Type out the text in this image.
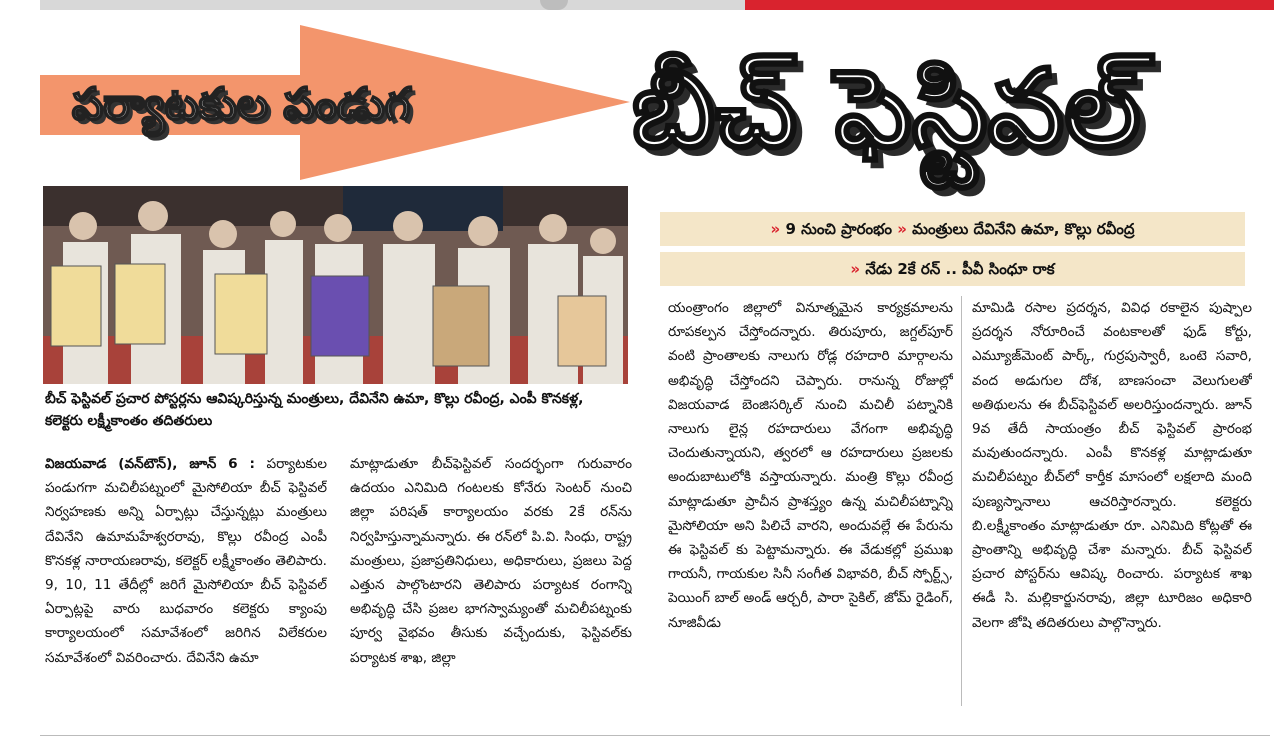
పర్యాటకుల పండుగ	బీచ్ ఫెస్టివల్
బీచ్ ఫెస్టివల్ ప్రచార పోస్టర్లను ఆవిష్కరిస్తున్న మంత్రులు, దేవినేని ఉమా, కొల్లు రవీంద్ర, ఎంపీ కొనకళ్ల, కలెక్టరు లక్ష్మీకాంతం తదితరులు
» 9 నుంచి ప్రారంభం » మంత్రులు దేవినేని ఉమా, కొల్లు రవీంద్ర
» నేడు 2కే రన్ .. పీవీ సింధూ రాక
విజయవాడ (వన్‌టౌన్), జూన్ 6 : పర్యాటకుల పండుగగా మచిలీపట్నంలో మైసోలియా బీచ్ ఫెస్టివల్ నిర్వహణకు అన్ని ఏర్పాట్లు చేస్తున్నట్లు మంత్రులు దేవినేని ఉమామహేశ్వరరావు, కొల్లు రవీంద్ర ఎంపీ కొనకళ్ల నారాయణరావు, కలెక్టర్ లక్ష్మీకాంతం తెలిపారు. 9, 10, 11 తేదీల్లో జరిగే మైసోలియా బీచ్ ఫెస్టివల్ ఏర్పాట్లపై వారు బుధవారం కలెక్టరు క్యాంపు కార్యాలయంలో సమావేశంలో జరిగిన విలేకరుల సమావేశంలో వివరించారు. దేవినేని ఉమా
మాట్లాడుతూ బీచ్‌ఫెస్టివల్ సందర్భంగా గురువారం ఉదయం ఎనిమిది గంటలకు కోనేరు సెంటర్ నుంచి జిల్లా పరిషత్ కార్యాలయం వరకు 2కే రన్‌ను నిర్వహిస్తున్నామన్నారు. ఈ రన్‌లో పి.వి. సింధు, రాష్ట్ర మంత్రులు, ప్రజాప్రతినిధులు, అధికారులు, ప్రజలు పెద్ద ఎత్తున పాల్గొంటారని తెలిపారు పర్యాటక రంగాన్ని అభివృద్ధి చేసి ప్రజల భాగస్వామ్యంతో మచిలీపట్నంకు పూర్వ వైభవం తీసుకు వచ్చేందుకు, ఫెస్టివల్‌కు పర్యాటక శాఖ, జిల్లా
యంత్రాంగం జిల్లాలో వినూత్నమైన కార్యక్రమాలను రూపకల్పన చేస్తోందన్నారు. తిరుపూరు, జగ్దల్‌పూర్ వంటి ప్రాంతాలకు నాలుగు రోడ్ల రహదారి మార్గాలను అభివృద్ధి చేస్తోందని చెప్పారు. రానున్న రోజుల్లో విజయవాడ బెంజిసర్కిల్ నుంచి మచిలీ పట్నానికి నాలుగు లైన్ల రహదారులు వేగంగా అభివృద్ధి చెందుతున్నాయని, త్వరలో ఆ రహదారులు ప్రజలకు అందుబాటులోకి వస్తాయన్నారు. మంత్రి కొల్లు రవీంద్ర మాట్లాడుతూ ప్రాచీన ప్రాశస్త్యం ఉన్న మచిలీపట్నాన్ని మైసోలియా అని పిలిచే వారని, అందువల్లే ఈ పేరును ఈ ఫెస్టివల్ కు పెట్టామన్నారు. ఈ వేడుకల్లో ప్రముఖ గాయనీ, గాయకుల సినీ సంగీత విభావరి, బీచ్ స్పోర్ట్స్, పెయింగ్ బాల్ అండ్ ఆర్చరీ, పారా సైకిల్, జోమ్ రైడింగ్, నూజివీడు
మామిడి రసాల ప్రదర్శన, వివిధ రకాలైన పుష్పాల ప్రదర్శన నోరూరించే వంటకాలతో ఫుడ్ కోర్టు, ఎమ్యూజ్‌మెంట్ పార్క్, గుర్రపుస్వారీ, ఒంటె సవారి, వంద అడుగుల దోశ, బాణసంచా వెలుగులతో అతిథులను ఈ బీచ్‌ఫెస్టివల్ అలరిస్తుందన్నారు. జూన్ 9వ తేదీ సాయంత్రం బీచ్ ఫెస్టివల్ ప్రారంభ మవుతుందన్నారు. ఎంపీ కొనకళ్ల మాట్లాడుతూ మచిలీపట్నం బీచ్‌లో కార్తీక మాసంలో లక్షలాది మంది పుణ్యస్నానాలు ఆచరిస్తారన్నారు. కలెక్టరు బి.లక్ష్మీకాంతం మాట్లాడుతూ రూ. ఎనిమిది కోట్లతో ఈ ప్రాంతాన్ని అభివృద్ధి చేశా మన్నారు. బీచ్ ఫెస్టివల్ ప్రచార పోస్టర్‌ను ఆవిష్క రించారు. పర్యాటక శాఖ ఈడీ సి. మల్లికార్జునరావు, జిల్లా టూరిజం అధికారి వెలగా జోషి తదితరులు పాల్గొన్నారు.
